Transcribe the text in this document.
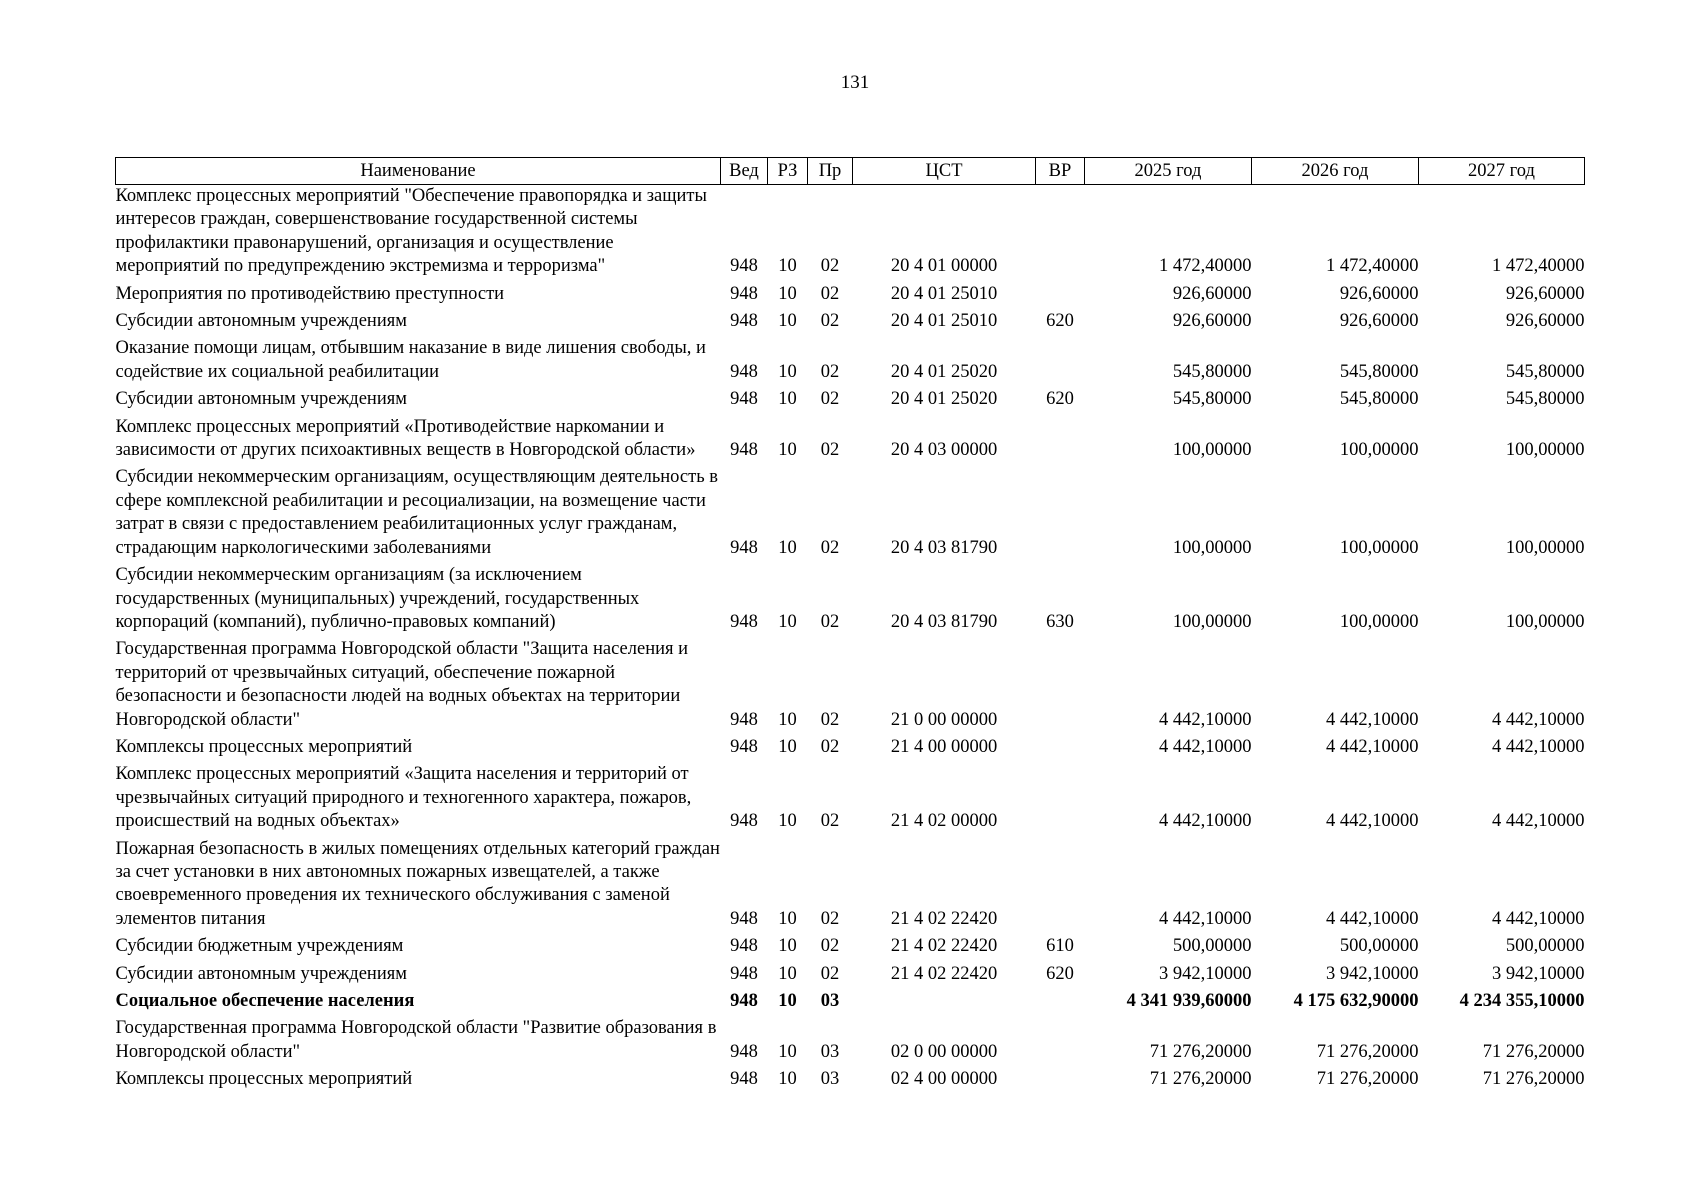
131
Наименование	Вед	РЗ	Пр	ЦСТ	ВР	2025 год	2026 год	2027 год
Комплекс процессных мероприятий "Обеспечение правопорядка и защиты интересов граждан, совершенствование государственной системы профилактики правонарушений, организация и осуществление мероприятий по предупреждению экстремизма и терроризма"	948	10	02	20 4 01 00000		1 472,40000	1 472,40000	1 472,40000
Мероприятия по противодействию преступности	948	10	02	20 4 01 25010		926,60000	926,60000	926,60000
Субсидии автономным учреждениям	948	10	02	20 4 01 25010	620	926,60000	926,60000	926,60000
Оказание помощи лицам, отбывшим наказание в виде лишения свободы, и содействие их социальной реабилитации	948	10	02	20 4 01 25020		545,80000	545,80000	545,80000
Субсидии автономным учреждениям	948	10	02	20 4 01 25020	620	545,80000	545,80000	545,80000
Комплекс процессных мероприятий «Противодействие наркомании и зависимости от других психоактивных веществ в Новгородской области»	948	10	02	20 4 03 00000		100,00000	100,00000	100,00000
Субсидии некоммерческим организациям, осуществляющим деятельность в сфере комплексной реабилитации и ресоциализации, на возмещение части затрат в связи с предоставлением реабилитационных услуг гражданам, страдающим наркологическими заболеваниями	948	10	02	20 4 03 81790		100,00000	100,00000	100,00000
Субсидии некоммерческим организациям (за исключением государственных (муниципальных) учреждений, государственных корпораций (компаний), публично-правовых компаний)	948	10	02	20 4 03 81790	630	100,00000	100,00000	100,00000
Государственная программа Новгородской области "Защита населения и территорий от чрезвычайных ситуаций, обеспечение пожарной безопасности и безопасности людей на водных объектах на территории Новгородской области"	948	10	02	21 0 00 00000		4 442,10000	4 442,10000	4 442,10000
Комплексы процессных мероприятий	948	10	02	21 4 00 00000		4 442,10000	4 442,10000	4 442,10000
Комплекс процессных мероприятий «Защита населения и территорий от чрезвычайных ситуаций природного и техногенного характера, пожаров, происшествий на водных объектах»	948	10	02	21 4 02 00000		4 442,10000	4 442,10000	4 442,10000
Пожарная безопасность в жилых помещениях отдельных категорий граждан за счет установки в них автономных пожарных извещателей, а также своевременного проведения их технического обслуживания с заменой элементов питания	948	10	02	21 4 02 22420		4 442,10000	4 442,10000	4 442,10000
Субсидии бюджетным учреждениям	948	10	02	21 4 02 22420	610	500,00000	500,00000	500,00000
Субсидии автономным учреждениям	948	10	02	21 4 02 22420	620	3 942,10000	3 942,10000	3 942,10000
Социальное обеспечение населения	948	10	03			4 341 939,60000	4 175 632,90000	4 234 355,10000
Государственная программа Новгородской области "Развитие образования в Новгородской области"	948	10	03	02 0 00 00000		71 276,20000	71 276,20000	71 276,20000
Комплексы процессных мероприятий	948	10	03	02 4 00 00000		71 276,20000	71 276,20000	71 276,20000
